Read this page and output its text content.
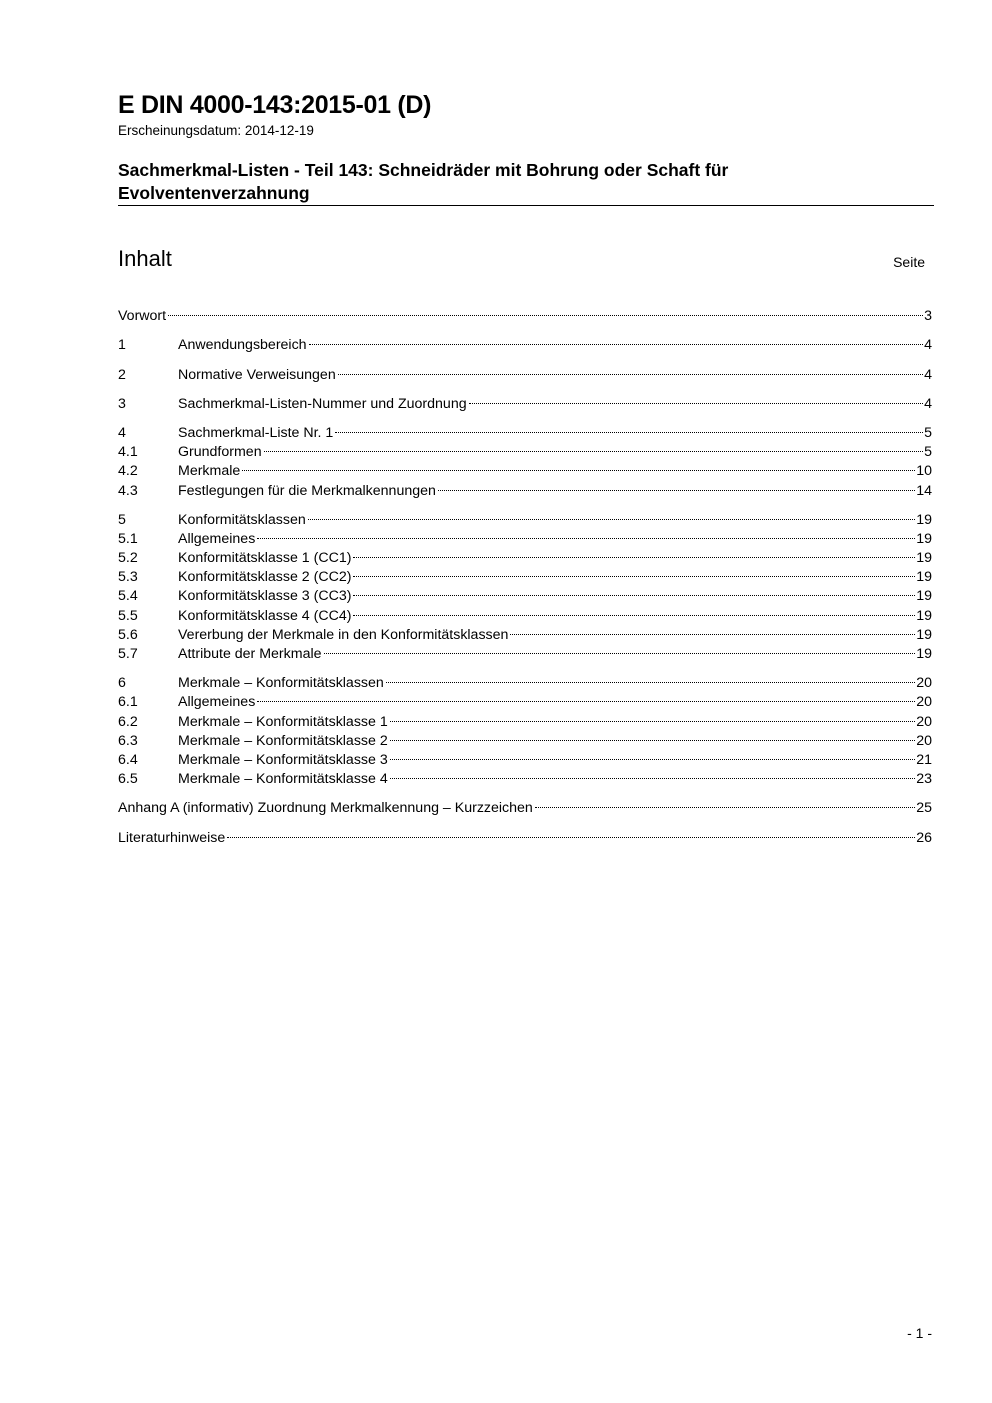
E DIN 4000-143:2015-01 (D)
Erscheinungsdatum: 2014-12-19
Sachmerkmal-Listen - Teil 143: Schneidräder mit Bohrung oder Schaft für Evolventenverzahnung
Inhalt	Seite
Vorwort	3
1	Anwendungsbereich	4
2	Normative Verweisungen	4
3	Sachmerkmal-Listen-Nummer und Zuordnung	4
4	Sachmerkmal-Liste Nr. 1	5
4.1	Grundformen	5
4.2	Merkmale	10
4.3	Festlegungen für die Merkmalkennungen	14
5	Konformitätsklassen	19
5.1	Allgemeines	19
5.2	Konformitätsklasse 1 (CC1)	19
5.3	Konformitätsklasse 2 (CC2)	19
5.4	Konformitätsklasse 3 (CC3)	19
5.5	Konformitätsklasse 4 (CC4)	19
5.6	Vererbung der Merkmale in den Konformitätsklassen	19
5.7	Attribute der Merkmale	19
6	Merkmale – Konformitätsklassen	20
6.1	Allgemeines	20
6.2	Merkmale – Konformitätsklasse 1	20
6.3	Merkmale – Konformitätsklasse 2	20
6.4	Merkmale – Konformitätsklasse 3	21
6.5	Merkmale – Konformitätsklasse 4	23
Anhang A (informativ) Zuordnung Merkmalkennung – Kurzzeichen	25
Literaturhinweise	26
- 1 -
